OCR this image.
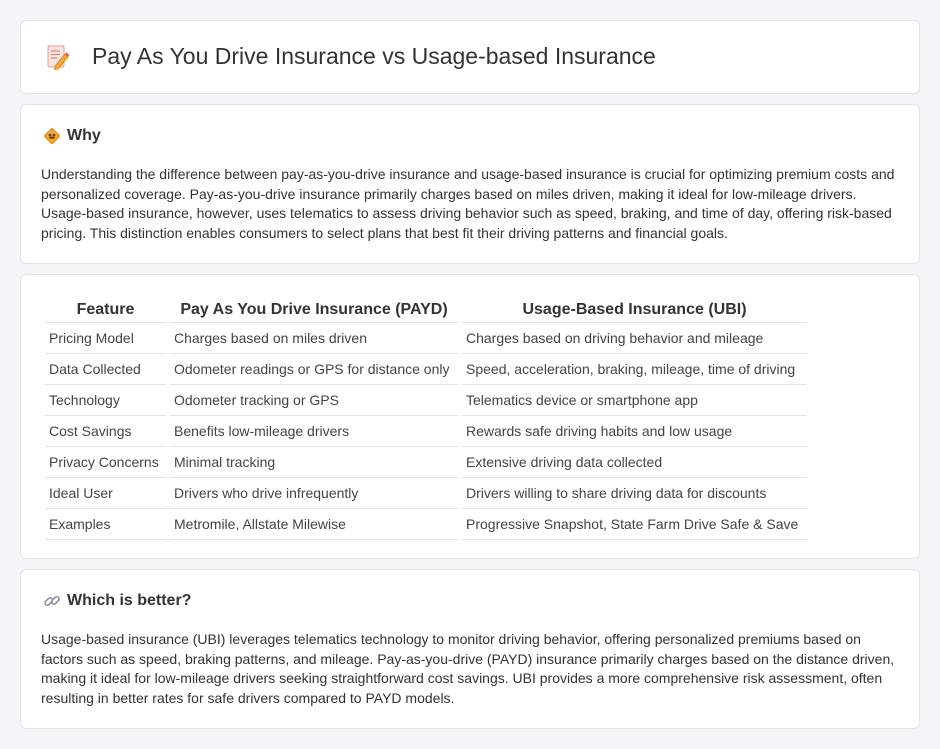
Pay As You Drive Insurance vs Usage-based Insurance
Why

Understanding the difference between pay-as-you-drive insurance and usage-based insurance is crucial for optimizing premium costs and personalized coverage. Pay-as-you-drive insurance primarily charges based on miles driven, making it ideal for low-mileage drivers. Usage-based insurance, however, uses telematics to assess driving behavior such as speed, braking, and time of day, offering risk-based pricing. This distinction enables consumers to select plans that best fit their driving patterns and financial goals.

Feature	Pay As You Drive Insurance (PAYD)	Usage-Based Insurance (UBI)
Pricing Model	Charges based on miles driven	Charges based on driving behavior and mileage
Data Collected	Odometer readings or GPS for distance only	Speed, acceleration, braking, mileage, time of driving
Technology	Odometer tracking or GPS	Telematics device or smartphone app
Cost Savings	Benefits low-mileage drivers	Rewards safe driving habits and low usage
Privacy Concerns	Minimal tracking	Extensive driving data collected
Ideal User	Drivers who drive infrequently	Drivers willing to share driving data for discounts
Examples	Metromile, Allstate Milewise	Progressive Snapshot, State Farm Drive Safe & Save
Which is better?

Usage-based insurance (UBI) leverages telematics technology to monitor driving behavior, offering personalized premiums based on factors such as speed, braking patterns, and mileage. Pay-as-you-drive (PAYD) insurance primarily charges based on the distance driven, making it ideal for low-mileage drivers seeking straightforward cost savings. UBI provides a more comprehensive risk assessment, often resulting in better rates for safe drivers compared to PAYD models.
